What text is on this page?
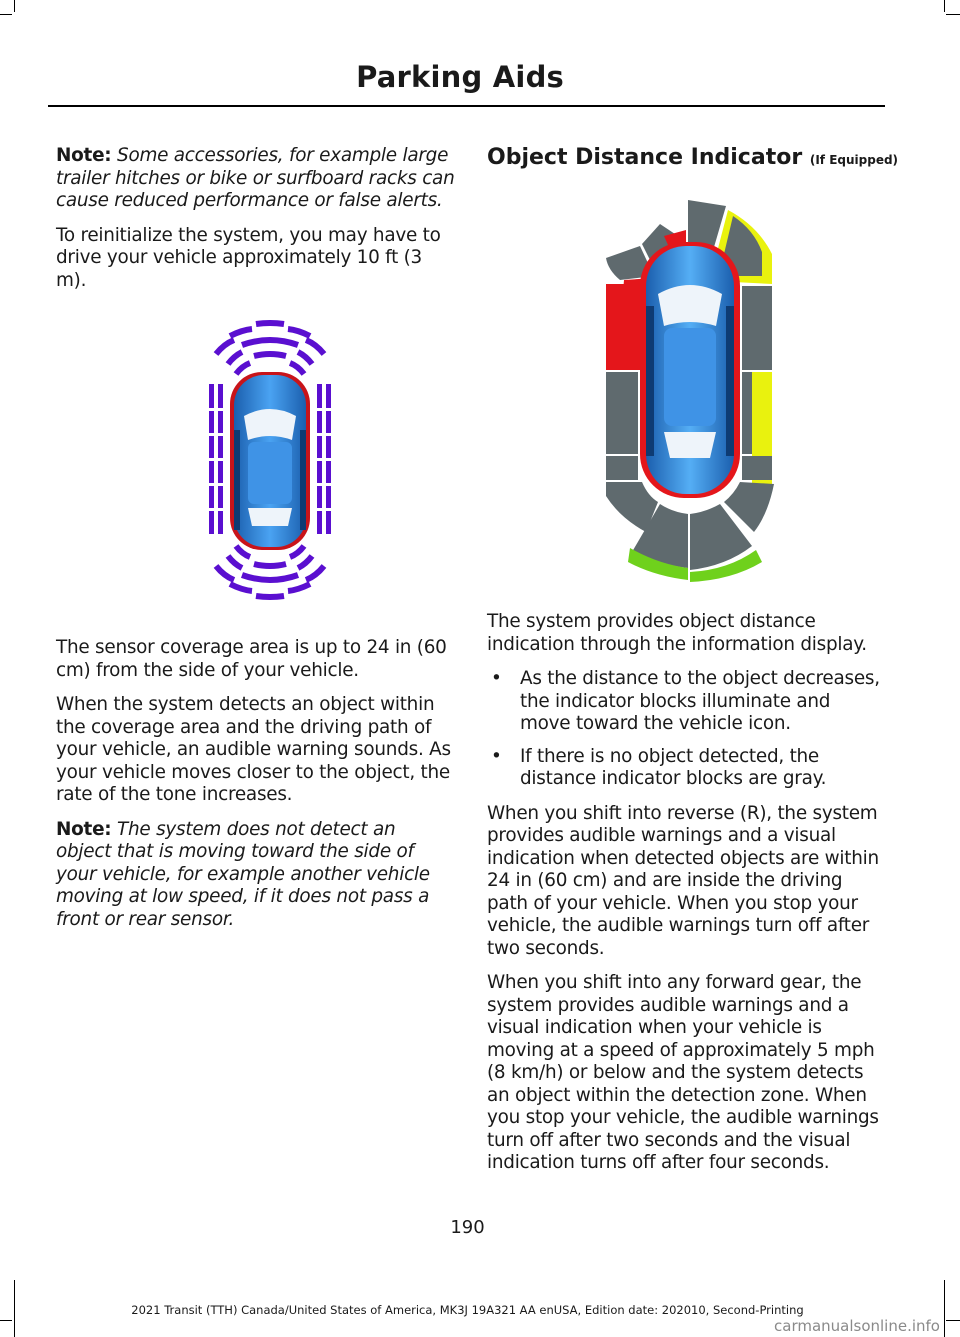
Parking Aids

Note: Some accessories, for example large trailer hitches or bike or surfboard racks can cause reduced performance or false alerts.

To reinitialize the system, you may have to drive your vehicle approximately 10 ft (3 m).

The sensor coverage area is up to 24 in (60 cm) from the side of your vehicle.

When the system detects an object within the coverage area and the driving path of your vehicle, an audible warning sounds. As your vehicle moves closer to the object, the rate of the tone increases.

Note: The system does not detect an object that is moving toward the side of your vehicle, for example another vehicle moving at low speed, if it does not pass a front or rear sensor.

Object Distance Indicator (If Equipped)

The system provides object distance indication through the information display.

• As the distance to the object decreases, the indicator blocks illuminate and move toward the vehicle icon.
• If there is no object detected, the distance indicator blocks are gray.

When you shift into reverse (R), the system provides audible warnings and a visual indication when detected objects are within 24 in (60 cm) and are inside the driving path of your vehicle. When you stop your vehicle, the audible warnings turn off after two seconds.

When you shift into any forward gear, the system provides audible warnings and a visual indication when your vehicle is moving at a speed of approximately 5 mph (8 km/h) or below and the system detects an object within the detection zone. When you stop your vehicle, the audible warnings turn off after two seconds and the visual indication turns off after four seconds.

190
2021 Transit (TTH) Canada/United States of America, MK3J 19A321 AA enUSA, Edition date: 202010, Second-Printing
carmanualsonline.info
